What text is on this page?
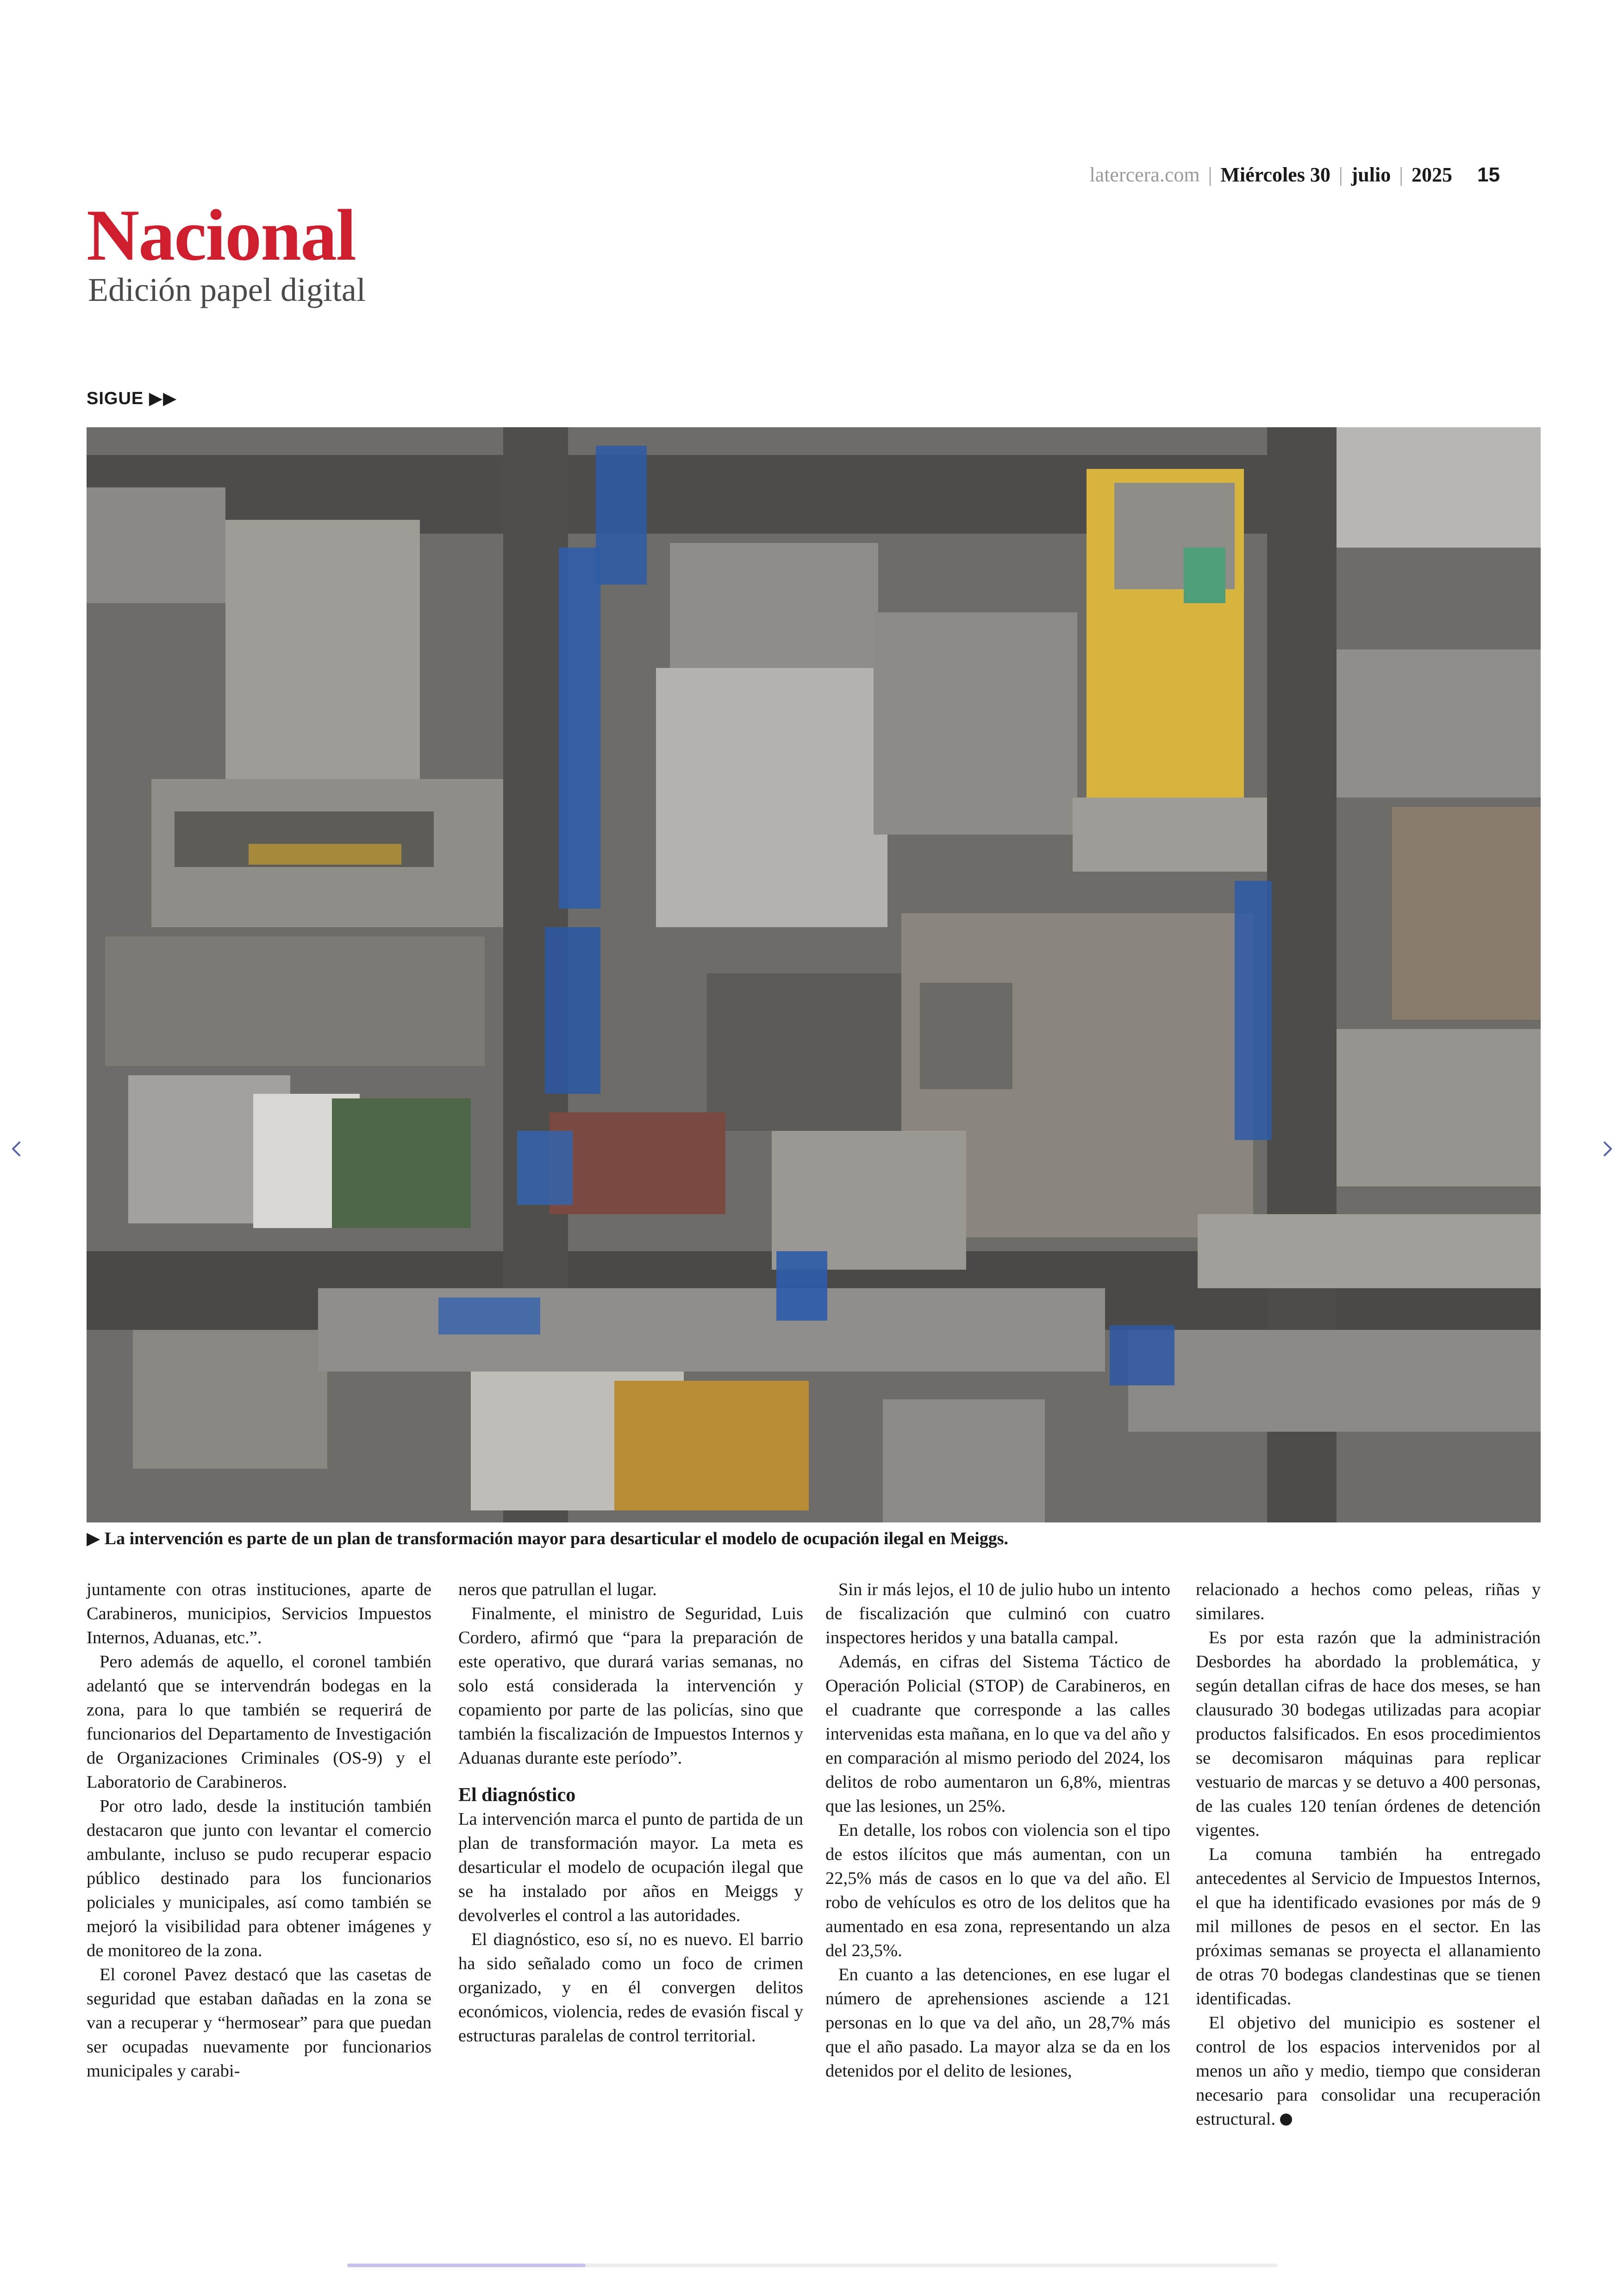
latercera.com | Miércoles 30 | julio | 2025 15
Nacional
Edición papel digital
SIGUE ▶▶
▶ La intervención es parte de un plan de transformación mayor para desarticular el modelo de ocupación ilegal en Meiggs.

juntamente con otras instituciones, aparte de Carabineros, municipios, Servicios Impuestos Internos, Aduanas, etc.”.

Pero además de aquello, el coronel también adelantó que se intervendrán bodegas en la zona, para lo que también se requerirá de funcionarios del Departamento de Investigación de Organizaciones Criminales (OS-9) y el Laboratorio de Carabineros.

Por otro lado, desde la institución también destacaron que junto con levantar el comercio ambulante, incluso se pudo recuperar espacio público destinado para los funcionarios policiales y municipales, así como también se mejoró la visibilidad para obtener imágenes y de monitoreo de la zona.

El coronel Pavez destacó que las casetas de seguridad que estaban dañadas en la zona se van a recuperar y “hermosear” para que puedan ser ocupadas nuevamente por funcionarios municipales y carabi-

neros que patrullan el lugar.

Finalmente, el ministro de Seguridad, Luis Cordero, afirmó que “para la preparación de este operativo, que durará varias semanas, no solo está considerada la intervención y copamiento por parte de las policías, sino que también la fiscalización de Impuestos Internos y Aduanas durante este período”.

El diagnóstico

La intervención marca el punto de partida de un plan de transformación mayor. La meta es desarticular el modelo de ocupación ilegal que se ha instalado por años en Meiggs y devolverles el control a las autoridades.

El diagnóstico, eso sí, no es nuevo. El barrio ha sido señalado como un foco de crimen organizado, y en él convergen delitos económicos, violencia, redes de evasión fiscal y estructuras paralelas de control territorial.

Sin ir más lejos, el 10 de julio hubo un intento de fiscalización que culminó con cuatro inspectores heridos y una batalla campal.

Además, en cifras del Sistema Táctico de Operación Policial (STOP) de Carabineros, en el cuadrante que corresponde a las calles intervenidas esta mañana, en lo que va del año y en comparación al mismo periodo del 2024, los delitos de robo aumentaron un 6,8%, mientras que las lesiones, un 25%.

En detalle, los robos con violencia son el tipo de estos ilícitos que más aumentan, con un 22,5% más de casos en lo que va del año. El robo de vehículos es otro de los delitos que ha aumentado en esa zona, representando un alza del 23,5%.

En cuanto a las detenciones, en ese lugar el número de aprehensiones asciende a 121 personas en lo que va del año, un 28,7% más que el año pasado. La mayor alza se da en los detenidos por el delito de lesiones,

relacionado a hechos como peleas, riñas y similares.

Es por esta razón que la administración Desbordes ha abordado la problemática, y según detallan cifras de hace dos meses, se han clausurado 30 bodegas utilizadas para acopiar productos falsificados. En esos procedimientos se decomisaron máquinas para replicar vestuario de marcas y se detuvo a 400 personas, de las cuales 120 tenían órdenes de detención vigentes.

La comuna también ha entregado antecedentes al Servicio de Impuestos Internos, el que ha identificado evasiones por más de 9 mil millones de pesos en el sector. En las próximas semanas se proyecta el allanamiento de otras 70 bodegas clandestinas que se tienen identificadas.

El objetivo del municipio es sostener el control de los espacios intervenidos por al menos un año y medio, tiempo que consideran necesario para consolidar una recuperación estructural.
